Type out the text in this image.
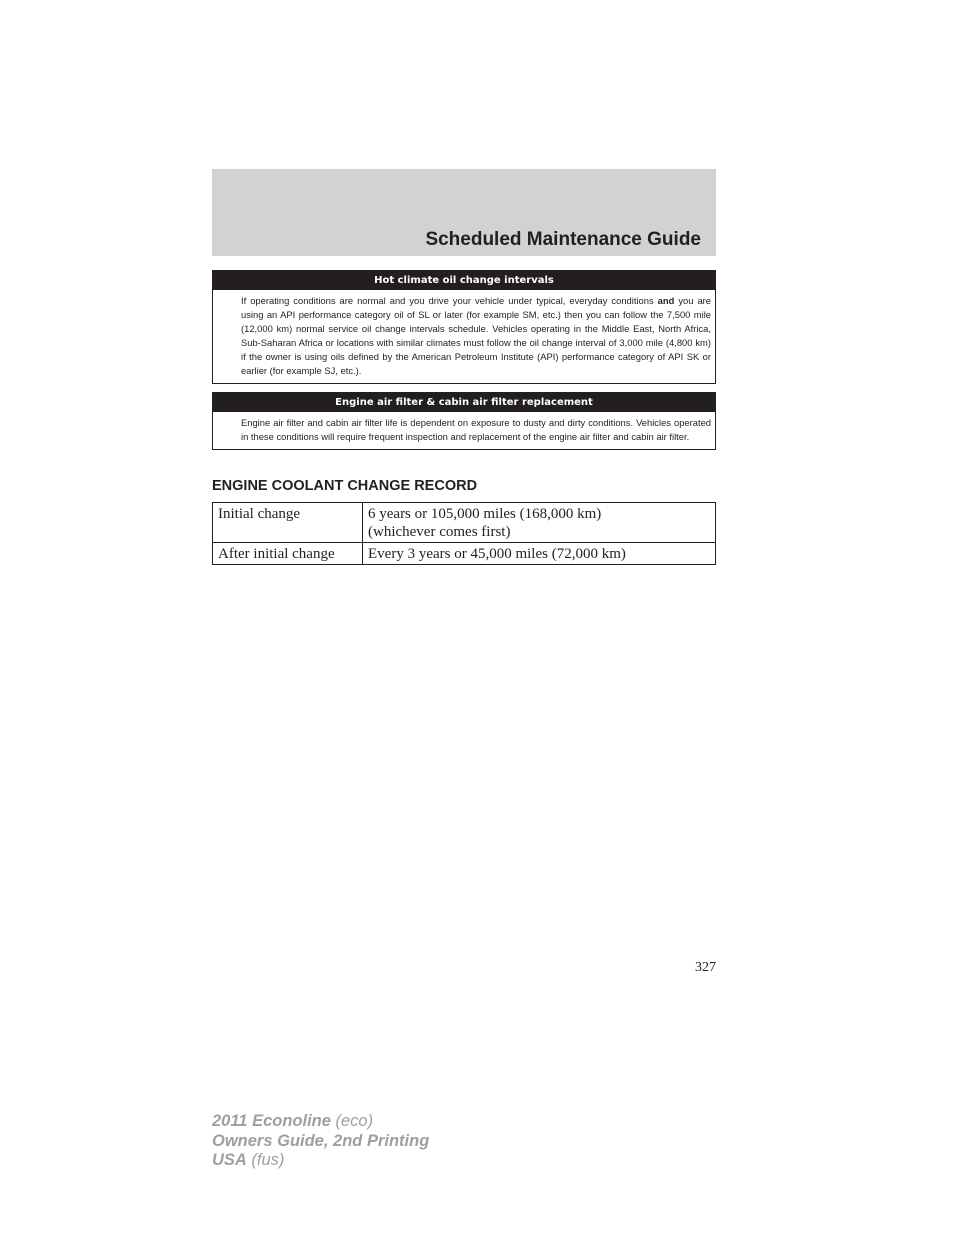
Scheduled Maintenance Guide
Hot climate oil change intervals
If operating conditions are normal and you drive your vehicle under typical, everyday conditions and you are using an API performance category oil of SL or later (for example SM, etc.) then you can follow the 7,500 mile (12,000 km) normal service oil change intervals schedule. Vehicles operating in the Middle East, North Africa, Sub-Saharan Africa or locations with similar climates must follow the oil change interval of 3,000 mile (4,800 km) if the owner is using oils defined by the American Petroleum Institute (API) performance category of API SK or earlier (for example SJ, etc.).
Engine air filter & cabin air filter replacement
Engine air filter and cabin air filter life is dependent on exposure to dusty and dirty conditions. Vehicles operated in these conditions will require frequent inspection and replacement of the engine air filter and cabin air filter.
ENGINE COOLANT CHANGE RECORD
Initial change	6 years or 105,000 miles (168,000 km)
(whichever comes first)

After initial change	Every 3 years or 45,000 miles (72,000 km)
327
2011 Econoline (eco)
Owners Guide, 2nd Printing
USA (fus)
